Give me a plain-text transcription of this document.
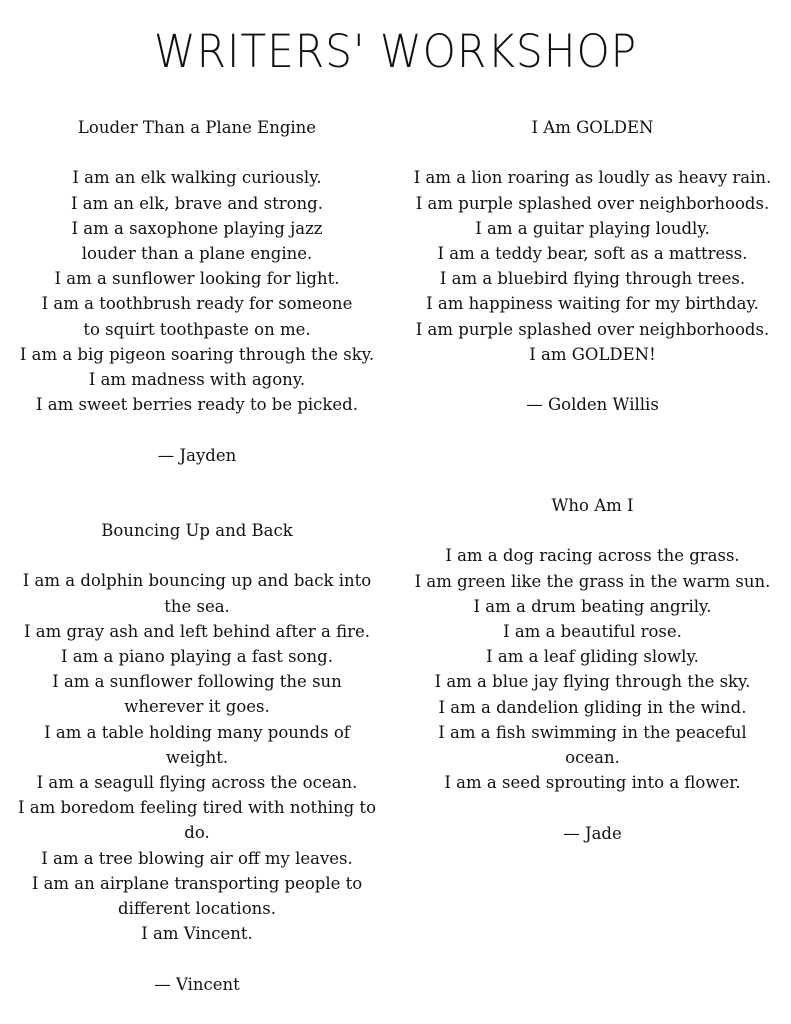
WRITERS' WORKSHOP
Louder Than a Plane Engine
I am an elk walking curiously.
I am an elk, brave and strong.
I am a saxophone playing jazz
louder than a plane engine.
I am a sunflower looking for light.
I am a toothbrush ready for someone
to squirt toothpaste on me.
I am a big pigeon soaring through the sky.
I am madness with agony.
I am sweet berries ready to be picked.
— Jayden
I Am GOLDEN
I am a lion roaring as loudly as heavy rain.
I am purple splashed over neighborhoods.
I am a guitar playing loudly.
I am a teddy bear, soft as a mattress.
I am a bluebird flying through trees.
I am happiness waiting for my birthday.
I am purple splashed over neighborhoods.
I am GOLDEN!
— Golden Willis
Bouncing Up and Back
I am a dolphin bouncing up and back into
the sea.
I am gray ash and left behind after a fire.
I am a piano playing a fast song.
I am a sunflower following the sun
wherever it goes.
I am a table holding many pounds of
weight.
I am a seagull flying across the ocean.
I am boredom feeling tired with nothing to
do.
I am a tree blowing air off my leaves.
I am an airplane transporting people to
different locations.
I am Vincent.
— Vincent
Who Am I
I am a dog racing across the grass.
I am green like the grass in the warm sun.
I am a drum beating angrily.
I am a beautiful rose.
I am a leaf gliding slowly.
I am a blue jay flying through the sky.
I am a dandelion gliding in the wind.
I am a fish swimming in the peaceful
ocean.
I am a seed sprouting into a flower.
— Jade
